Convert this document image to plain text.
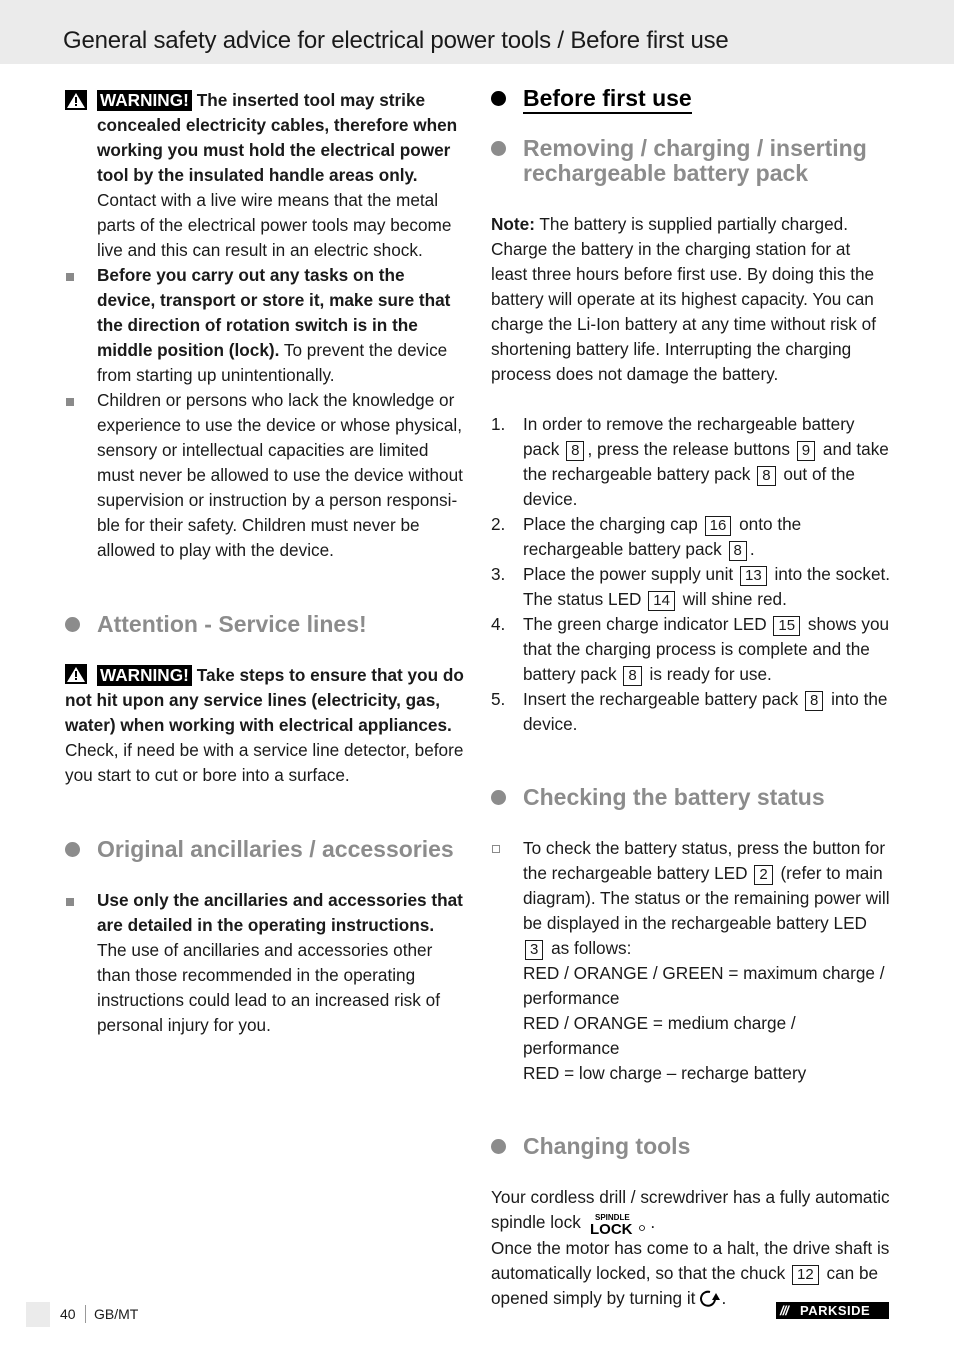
General safety advice for electrical power tools / Before first use
WARNING! The inserted tool may strike concealed electricity cables, therefore when working you must hold the electrical power tool by the insulated handle areas only. Contact with a live wire means that the metal parts of the electrical power tools may become live and this can result in an electric shock.
Before you carry out any tasks on the device, transport or store it, make sure that the direction of rotation switch is in the middle position (lock). To prevent the device from starting up unintentionally.
Children or persons who lack the knowledge or experience to use the device or whose physical, sensory or intellectual capacities are limited must never be allowed to use the device without supervision or instruction by a person responsible for their safety. Children must never be allowed to play with the device.
Attention - Service lines!
WARNING! Take steps to ensure that you do not hit upon any service lines (electricity, gas, water) when working with electrical appliances. Check, if need be with a service line detector, before you start to cut or bore into a surface.
Original ancillaries / accessories
Use only the ancillaries and accessories that are detailed in the operating instructions. The use of ancillaries and accessories other than those recommended in the operating instructions could lead to an increased risk of personal injury for you.
Before first use
Removing / charging / inserting rechargeable battery pack

Note: The battery is supplied partially charged. Charge the battery in the charging station for at least three hours before first use. By doing this the battery will operate at its highest capacity. You can charge the Li-Ion battery at any time without risk of shortening battery life. Interrupting the charging process does not damage the battery.

1. In order to remove the rechargeable battery pack 8 , press the release buttons 9 and take the rechargeable battery pack 8 out of the device.
2. Place the charging cap 16 onto the rechargeable battery pack 8 .
3. Place the power supply unit 13 into the socket. The status LED 14 will shine red.
4. The green charge indicator LED 15 shows you that the charging process is complete and the battery pack 8 is ready for use.
5. Insert the rechargeable battery pack 8 into the device.
Checking the battery status
To check the battery status, press the button for the rechargeable battery LED 2 (refer to main diagram). The status or the remaining power will be displayed in the rechargeable battery LED 3 as follows:
RED / ORANGE / GREEN = maximum charge / performance
RED / ORANGE = medium charge / performance
RED = low charge – recharge battery
Changing tools

Your cordless drill / screwdriver has a fully automatic spindle lock SPINDLE
LOCK .
Once the motor has come to a halt, the drive shaft is automatically locked, so that the chuck 12 can be opened simply by turning it .

40 GB/MT	/// PARKSIDE
